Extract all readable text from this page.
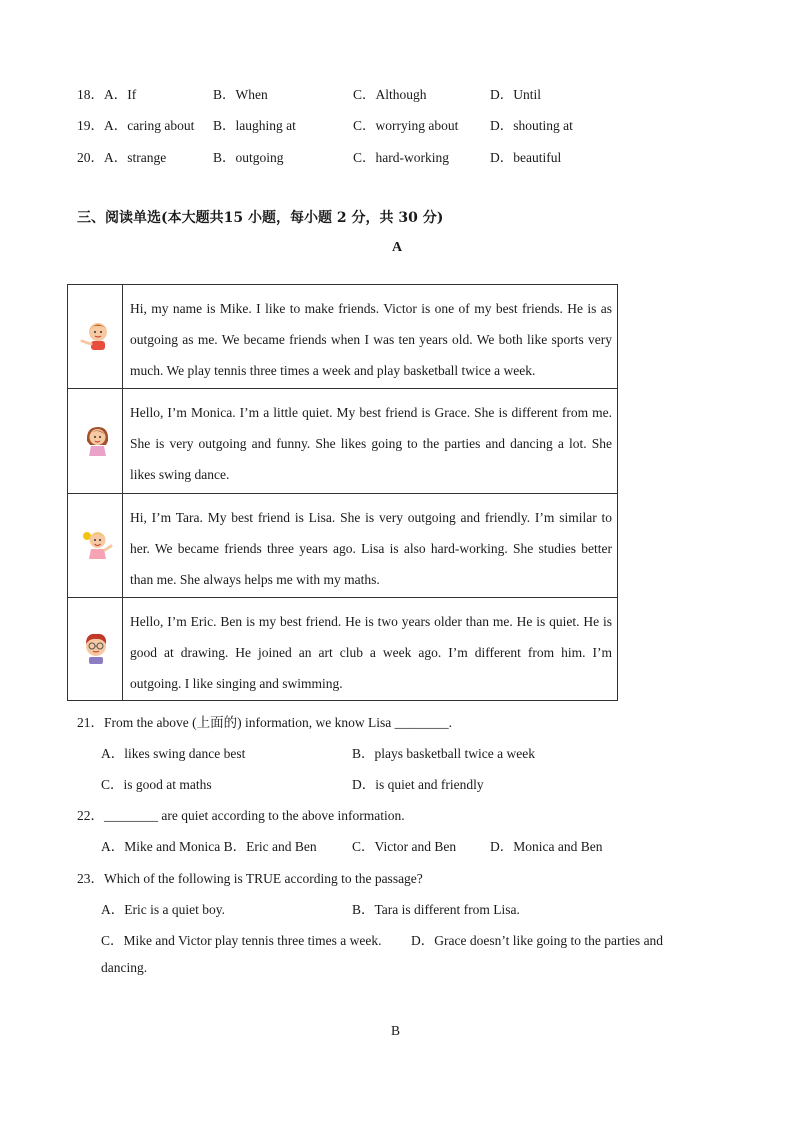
18． A．If	B．When	C．Although	D．Until
19． A．caring about B．laughing at	C．worrying about D．shouting at
20． A．strange	B．outgoing	C．hard-working	D．beautiful
三、阅读单选(本大题共15 小题，每小题 2 分，共 30 分)
A
Hi, my name is Mike. I like to make friends. Victor is one of my best friends. He is as outgoing as me. We became friends when I was ten years old. We both like sports very much. We play tennis three times a week and play basketball twice a week.
Hello, I’m Monica. I’m a little quiet. My best friend is Grace. She is different from me. She is very outgoing and funny. She likes going to the parties and dancing a lot. She likes swing dance.
Hi, I’m Tara. My best friend is Lisa. She is very outgoing and friendly. I’m similar to her. We became friends three years ago. Lisa is also hard-working. She studies better than me. She always helps me with my maths.
Hello, I’m Eric. Ben is my best friend. He is two years older than me. He is quiet. He is good at drawing. He joined an art club a week ago. I’m different from him. I’m outgoing. I like singing and swimming.
21．From the above (上面的) information, we know Lisa ________.
A．likes swing dance best	B．plays basketball twice a week
C．is good at maths	D．is quiet and friendly
22．________ are quiet according to the above information.
A．Mike and Monica B．Eric and Ben	C．Victor and Ben	D．Monica and Ben
23．Which of the following is TRUE according to the passage?
A．Eric is a quiet boy.	B．Tara is different from Lisa.
C．Mike and Victor play tennis three times a week. D．Grace doesn’t like going to the parties and
dancing.
B
